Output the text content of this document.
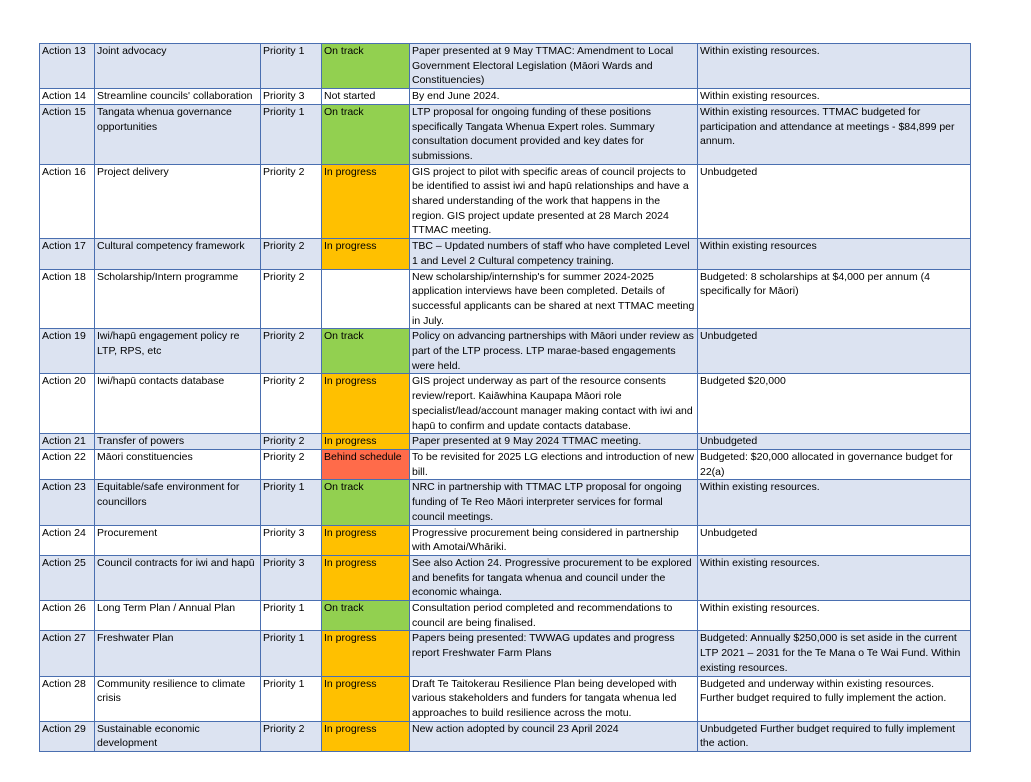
Action 13	Joint advocacy	Priority 1	On track	Paper presented at 9 May TTMAC: Amendment to Local Government Electoral Legislation (Māori Wards and Constituencies)	Within existing resources.
Action 14	Streamline councils' collaboration	Priority 3	Not started	By end June 2024.	Within existing resources.
Action 15	Tangata whenua governance opportunities	Priority 1	On track	LTP proposal for ongoing funding of these positions specifically Tangata Whenua Expert roles. Summary consultation document provided and key dates for submissions.	Within existing resources. TTMAC budgeted for participation and attendance at meetings - $84,899 per annum.
Action 16	Project delivery	Priority 2	In progress	GIS project to pilot with specific areas of council projects to be identified to assist iwi and hapū relationships and have a shared understanding of the work that happens in the region. GIS project update presented at 28 March 2024 TTMAC meeting.	Unbudgeted
Action 17	Cultural competency framework	Priority 2	In progress	TBC – Updated numbers of staff who have completed Level 1 and Level 2 Cultural competency training.	Within existing resources
Action 18	Scholarship/Intern programme	Priority 2		New scholarship/internship's for summer 2024-2025 application interviews have been completed. Details of successful applicants can be shared at next TTMAC meeting in July.	Budgeted: 8 scholarships at $4,000 per annum (4 specifically for Māori)
Action 19	Iwi/hapū engagement policy re LTP, RPS, etc	Priority 2	On track	Policy on advancing partnerships with Māori under review as part of the LTP process. LTP marae-based engagements were held.	Unbudgeted
Action 20	Iwi/hapū contacts database	Priority 2	In progress	GIS project underway as part of the resource consents review/report. Kaiāwhina Kaupapa Māori role specialist/lead/account manager making contact with iwi and hapū to confirm and update contacts database.	Budgeted $20,000
Action 21	Transfer of powers	Priority 2	In progress	Paper presented at 9 May 2024 TTMAC meeting.	Unbudgeted
Action 22	Māori constituencies	Priority 2	Behind schedule	To be revisited for 2025 LG elections and introduction of new bill.	Budgeted: $20,000 allocated in governance budget for 22(a)
Action 23	Equitable/safe environment for councillors	Priority 1	On track	NRC in partnership with TTMAC LTP proposal for ongoing funding of Te Reo Māori interpreter services for formal council meetings.	Within existing resources.
Action 24	Procurement	Priority 3	In progress	Progressive procurement being considered in partnership with Amotai/Whāriki.	Unbudgeted
Action 25	Council contracts for iwi and hapū	Priority 3	In progress	See also Action 24. Progressive procurement to be explored and benefits for tangata whenua and council under the economic whainga.	Within existing resources.
Action 26	Long Term Plan / Annual Plan	Priority 1	On track	Consultation period completed and recommendations to council are being finalised.	Within existing resources.
Action 27	Freshwater Plan	Priority 1	In progress	Papers being presented: TWWAG updates and progress report Freshwater Farm Plans	Budgeted: Annually $250,000 is set aside in the current LTP 2021 – 2031 for the Te Mana o Te Wai Fund. Within existing resources.
Action 28	Community resilience to climate crisis	Priority 1	In progress	Draft Te Taitokerau Resilience Plan being developed with various stakeholders and funders for tangata whenua led approaches to build resilience across the motu.	Budgeted and underway within existing resources. Further budget required to fully implement the action.
Action 29	Sustainable economic development	Priority 2	In progress	New action adopted by council 23 April 2024	Unbudgeted Further budget required to fully implement the action.
